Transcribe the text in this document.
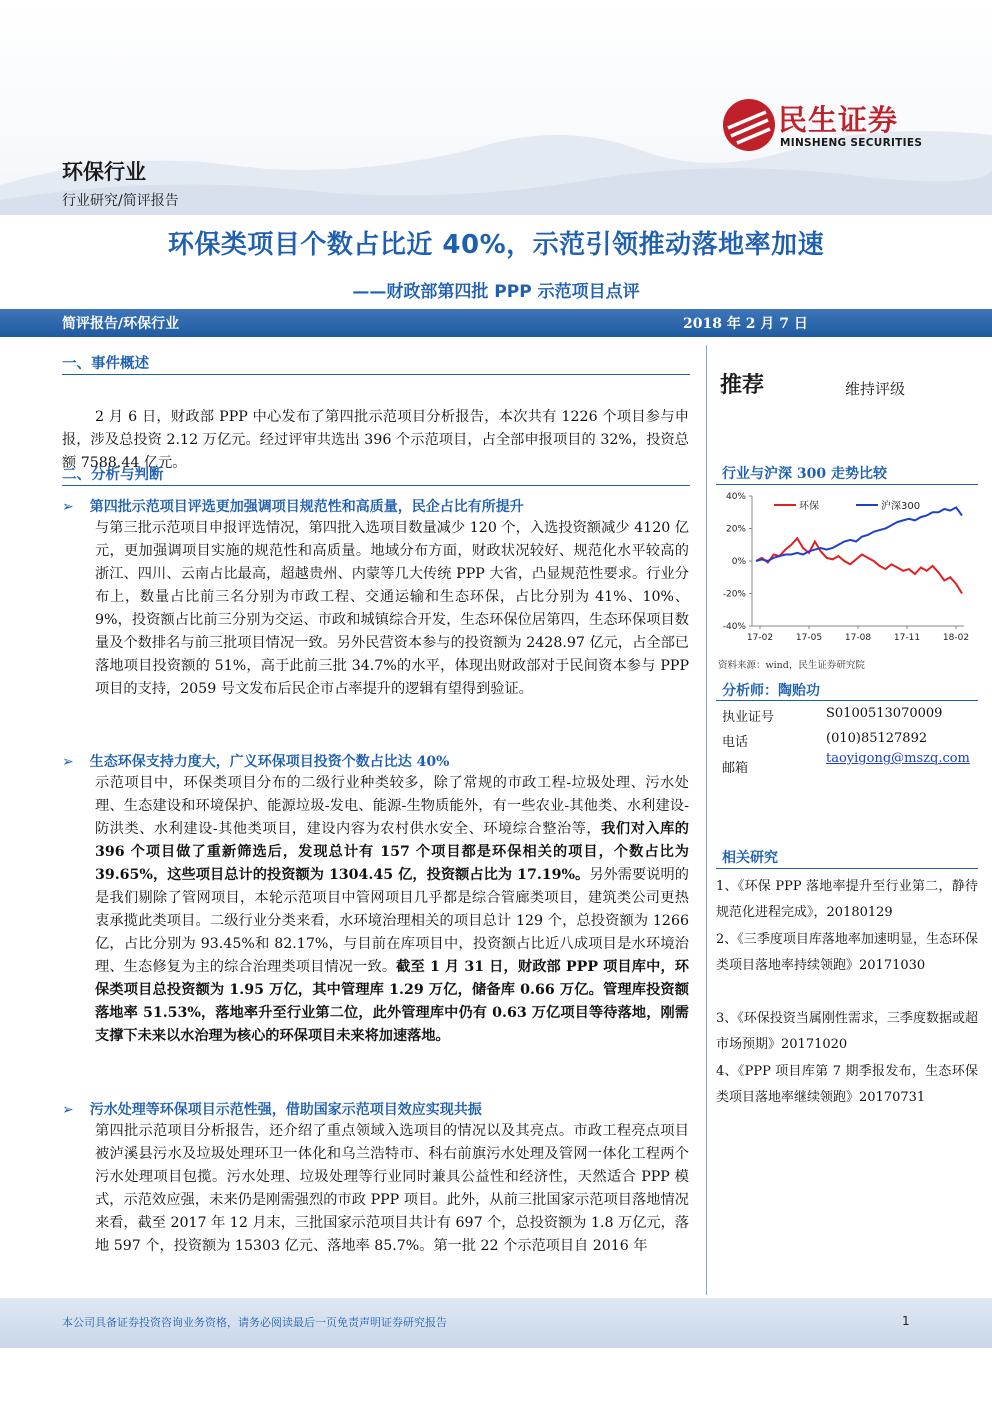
环保行业
行业研究/简评报告
民生证券
MINSHENG SECURITIES
环保类项目个数占比近 40%，示范引领推动落地率加速
——财政部第四批 PPP 示范项目点评
简评报告/环保行业	2018 年 2 月 7 日
一、事件概述
2 月 6 日，财政部 PPP 中心发布了第四批示范项目分析报告，本次共有 1226 个项目参与申报，涉及总投资 2.12 万亿元。经过评审共选出 396 个示范项目，占全部申报项目的 32%，投资总额 7588.44 亿元。
二、分析与判断
➢ 第四批示范项目评选更加强调项目规范性和高质量，民企占比有所提升
与第三批示范项目申报评选情况，第四批入选项目数量减少 120 个，入选投资额减少 4120 亿元，更加强调项目实施的规范性和高质量。地域分布方面，财政状况较好、规范化水平较高的浙江、四川、云南占比最高，超越贵州、内蒙等几大传统 PPP 大省，凸显规范性要求。行业分布上，数量占比前三名分别为市政工程、交通运输和生态环保，占比分别为 41%、10%、9%，投资额占比前三分别为交运、市政和城镇综合开发，生态环保位居第四，生态环保项目数量及个数排名与前三批项目情况一致。另外民营资本参与的投资额为 2428.97 亿元，占全部已落地项目投资额的 51%，高于此前三批 34.7%的水平，体现出财政部对于民间资本参与 PPP 项目的支持，2059 号文发布后民企市占率提升的逻辑有望得到验证。
➢ 生态环保支持力度大，广义环保项目投资个数占比达 40%
示范项目中，环保类项目分布的二级行业种类较多，除了常规的市政工程-垃圾处理、污水处理、生态建设和环境保护、能源垃圾-发电、能源-生物质能外，有一些农业-其他类、水利建设-防洪类、水利建设-其他类项目，建设内容为农村供水安全、环境综合整治等，我们对入库的 396 个项目做了重新筛选后，发现总计有 157 个项目都是环保相关的项目，个数占比为 39.65%，这些项目总计的投资额为 1304.45 亿，投资额占比为 17.19%。另外需要说明的是我们剔除了管网项目，本轮示范项目中管网项目几乎都是综合管廊类项目，建筑类公司更热衷承揽此类项目。二级行业分类来看，水环境治理相关的项目总计 129 个，总投资额为 1266 亿，占比分别为 93.45%和 82.17%，与目前在库项目中，投资额占比近八成项目是水环境治理、生态修复为主的综合治理类项目情况一致。截至 1 月 31 日，财政部 PPP 项目库中，环保类项目总投资额为 1.95 万亿，其中管理库 1.29 万亿，储备库 0.66 万亿。管理库投资额落地率 51.53%，落地率升至行业第二位，此外管理库中仍有 0.63 万亿项目等待落地，刚需支撑下未来以水治理为核心的环保项目未来将加速落地。
➢ 污水处理等环保项目示范性强，借助国家示范项目效应实现共振
第四批示范项目分析报告，还介绍了重点领域入选项目的情况以及其亮点。市政工程亮点项目被泸溪县污水及垃圾处理环卫一体化和乌兰浩特市、科右前旗污水处理及管网一体化工程两个污水处理项目包揽。污水处理、垃圾处理等行业同时兼具公益性和经济性，天然适合 PPP 模式，示范效应强，未来仍是刚需强烈的市政 PPP 项目。此外，从前三批国家示范项目落地情况来看，截至 2017 年 12 月末，三批国家示范项目共计有 697 个，总投资额为 1.8 万亿元，落地 597 个，投资额为 15303 亿元、落地率 85.7%。第一批 22 个示范项目自 2016 年
推荐	维持评级
行业与沪深 300 走势比较
40%
20%
0%
-20%
-40%
17-02	17-05	17-08	17-11	18-02
环保	沪深300
资料来源：wind，民生证券研究院
分析师：陶贻功
执业证号	S0100513070009
电话	(010)85127892
邮箱
taoyigong@mszq.com
相关研究
1、《环保 PPP 落地率提升至行业第二，静待规范化进程完成》，20180129
2、《三季度项目库落地率加速明显，生态环保类项目落地率持续领跑》20171030
3、《环保投资当属刚性需求，三季度数据或超市场预期》20171020
4、《PPP 项目库第 7 期季报发布，生态环保类项目落地率继续领跑》20170731
本公司具备证券投资咨询业务资格，请务必阅读最后一页免责声明证券研究报告	1
